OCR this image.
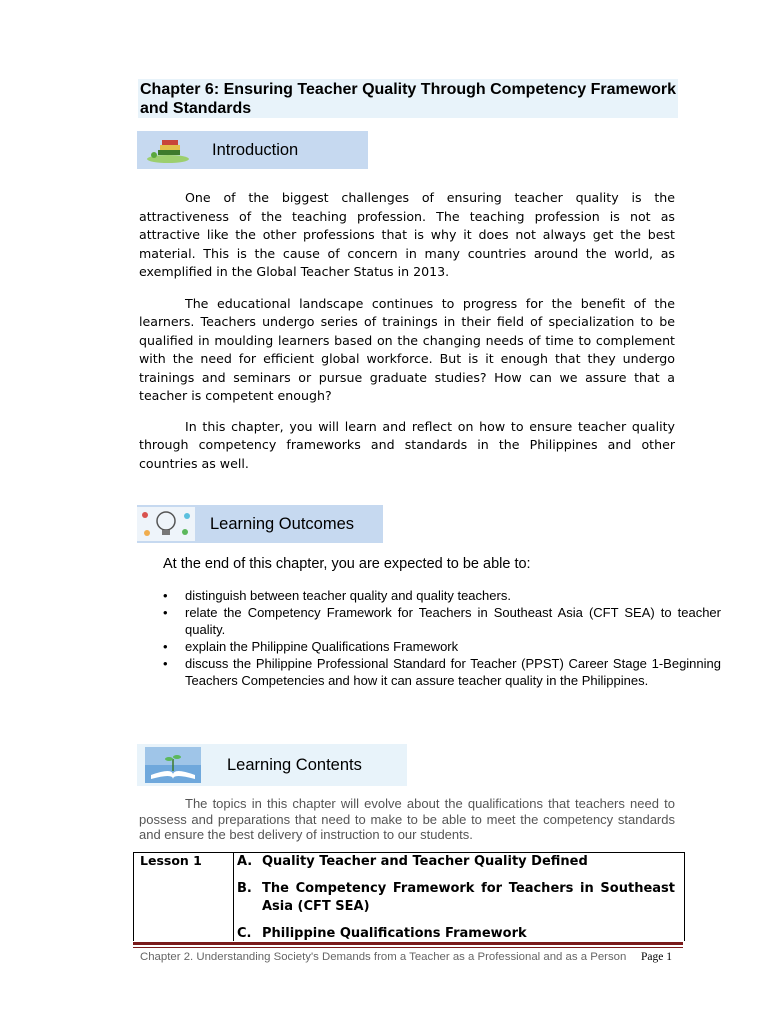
Chapter 6: Ensuring Teacher Quality Through Competency Framework and Standards
Introduction

One of the biggest challenges of ensuring teacher quality is the attractiveness of the teaching profession. The teaching profession is not as attractive like the other professions that is why it does not always get the best material. This is the cause of concern in many countries around the world, as exemplified in the Global Teacher Status in 2013.

The educational landscape continues to progress for the benefit of the learners. Teachers undergo series of trainings in their field of specialization to be qualified in moulding learners based on the changing needs of time to complement with the need for efficient global workforce. But is it enough that they undergo trainings and seminars or pursue graduate studies? How can we assure that a teacher is competent enough?

In this chapter, you will learn and reflect on how to ensure teacher quality through competency frameworks and standards in the Philippines and other countries as well.

Learning Outcomes
At the end of this chapter, you are expected to be able to:
• distinguish between teacher quality and quality teachers.
• relate the Competency Framework for Teachers in Southeast Asia (CFT SEA) to teacher quality.
• explain the Philippine Qualifications Framework
• discuss the Philippine Professional Standard for Teacher (PPST) Career Stage 1-Beginning Teachers Competencies and how it can assure teacher quality in the Philippines.
Learning Contents
The topics in this chapter will evolve about the qualifications that teachers need to possess and preparations that need to make to be able to meet the competency standards and ensure the best delivery of instruction to our students.
Lesson 1	A. Quality Teacher and Teacher Quality Defined
B. The Competency Framework for Teachers in Southeast Asia (CFT SEA)
C. Philippine Qualifications Framework
Chapter 2. Understanding Society's Demands from a Teacher as a Professional and as a Person Page 1
